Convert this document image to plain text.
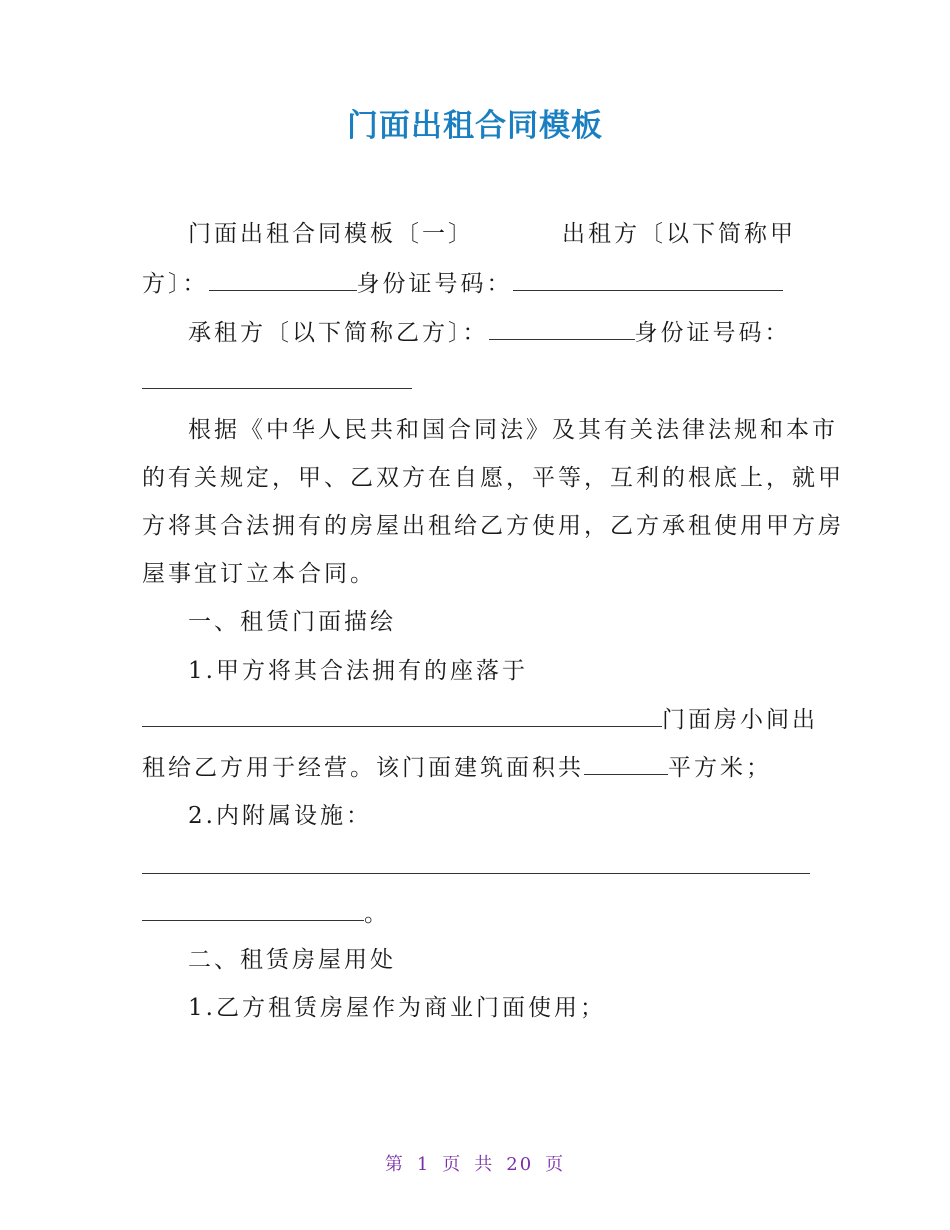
门面出租合同模板
门面出租合同模板〔一〕	出租方〔以下简称甲
方〕：	身份证号码：
承租方〔以下简称乙方〕：	身份证号码：
根据《中华人民共和国合同法》及其有关法律法规和本市
的有关规定，甲、乙双方在自愿，平等，互利的根底上，就甲
方将其合法拥有的房屋出租给乙方使用，乙方承租使用甲方房
屋事宜订立本合同。
一、租赁门面描绘
1.甲方将其合法拥有的座落于
门面房小间出
租给乙方用于经营。该门面建筑面积共	平方米；
2.内附属设施：
。
二、租赁房屋用处
1.乙方租赁房屋作为商业门面使用；
第 1 页 共 20 页
